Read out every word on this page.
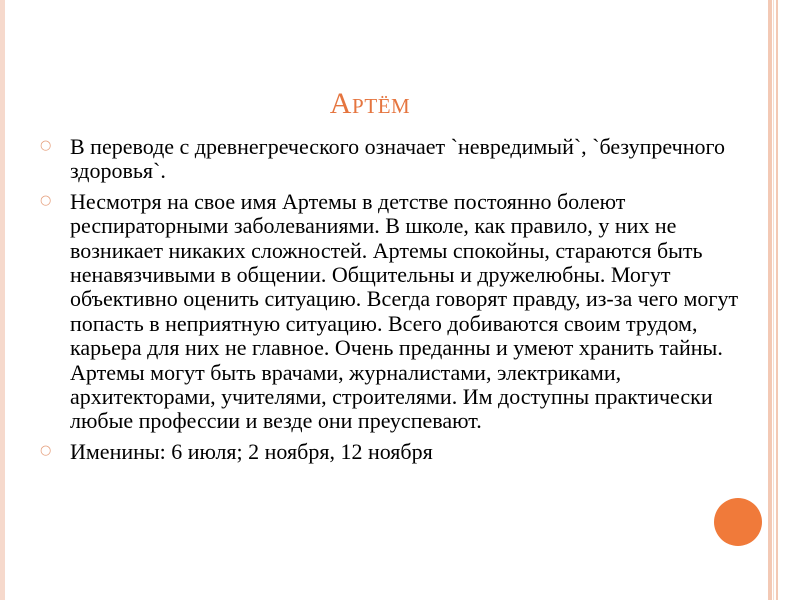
Артём
○ В переводе с древнегреческого означает `невредимый`, `безупречного здоровья`.
○ Несмотря на свое имя Артемы в детстве постоянно болеют респираторными заболеваниями. В школе, как правило, у них не возникает никаких сложностей. Артемы спокойны, стараются быть ненавязчивыми в общении. Общительны и дружелюбны. Могут объективно оценить ситуацию. Всегда говорят правду, из-за чего могут попасть в неприятную ситуацию. Всего добиваются своим трудом, карьера для них не главное. Очень преданны и умеют хранить тайны. Артемы могут быть врачами, журналистами, электриками, архитекторами, учителями, строителями. Им доступны практически любые профессии и везде они преуспевают.
○ Именины: 6 июля; 2 ноября, 12 ноября
